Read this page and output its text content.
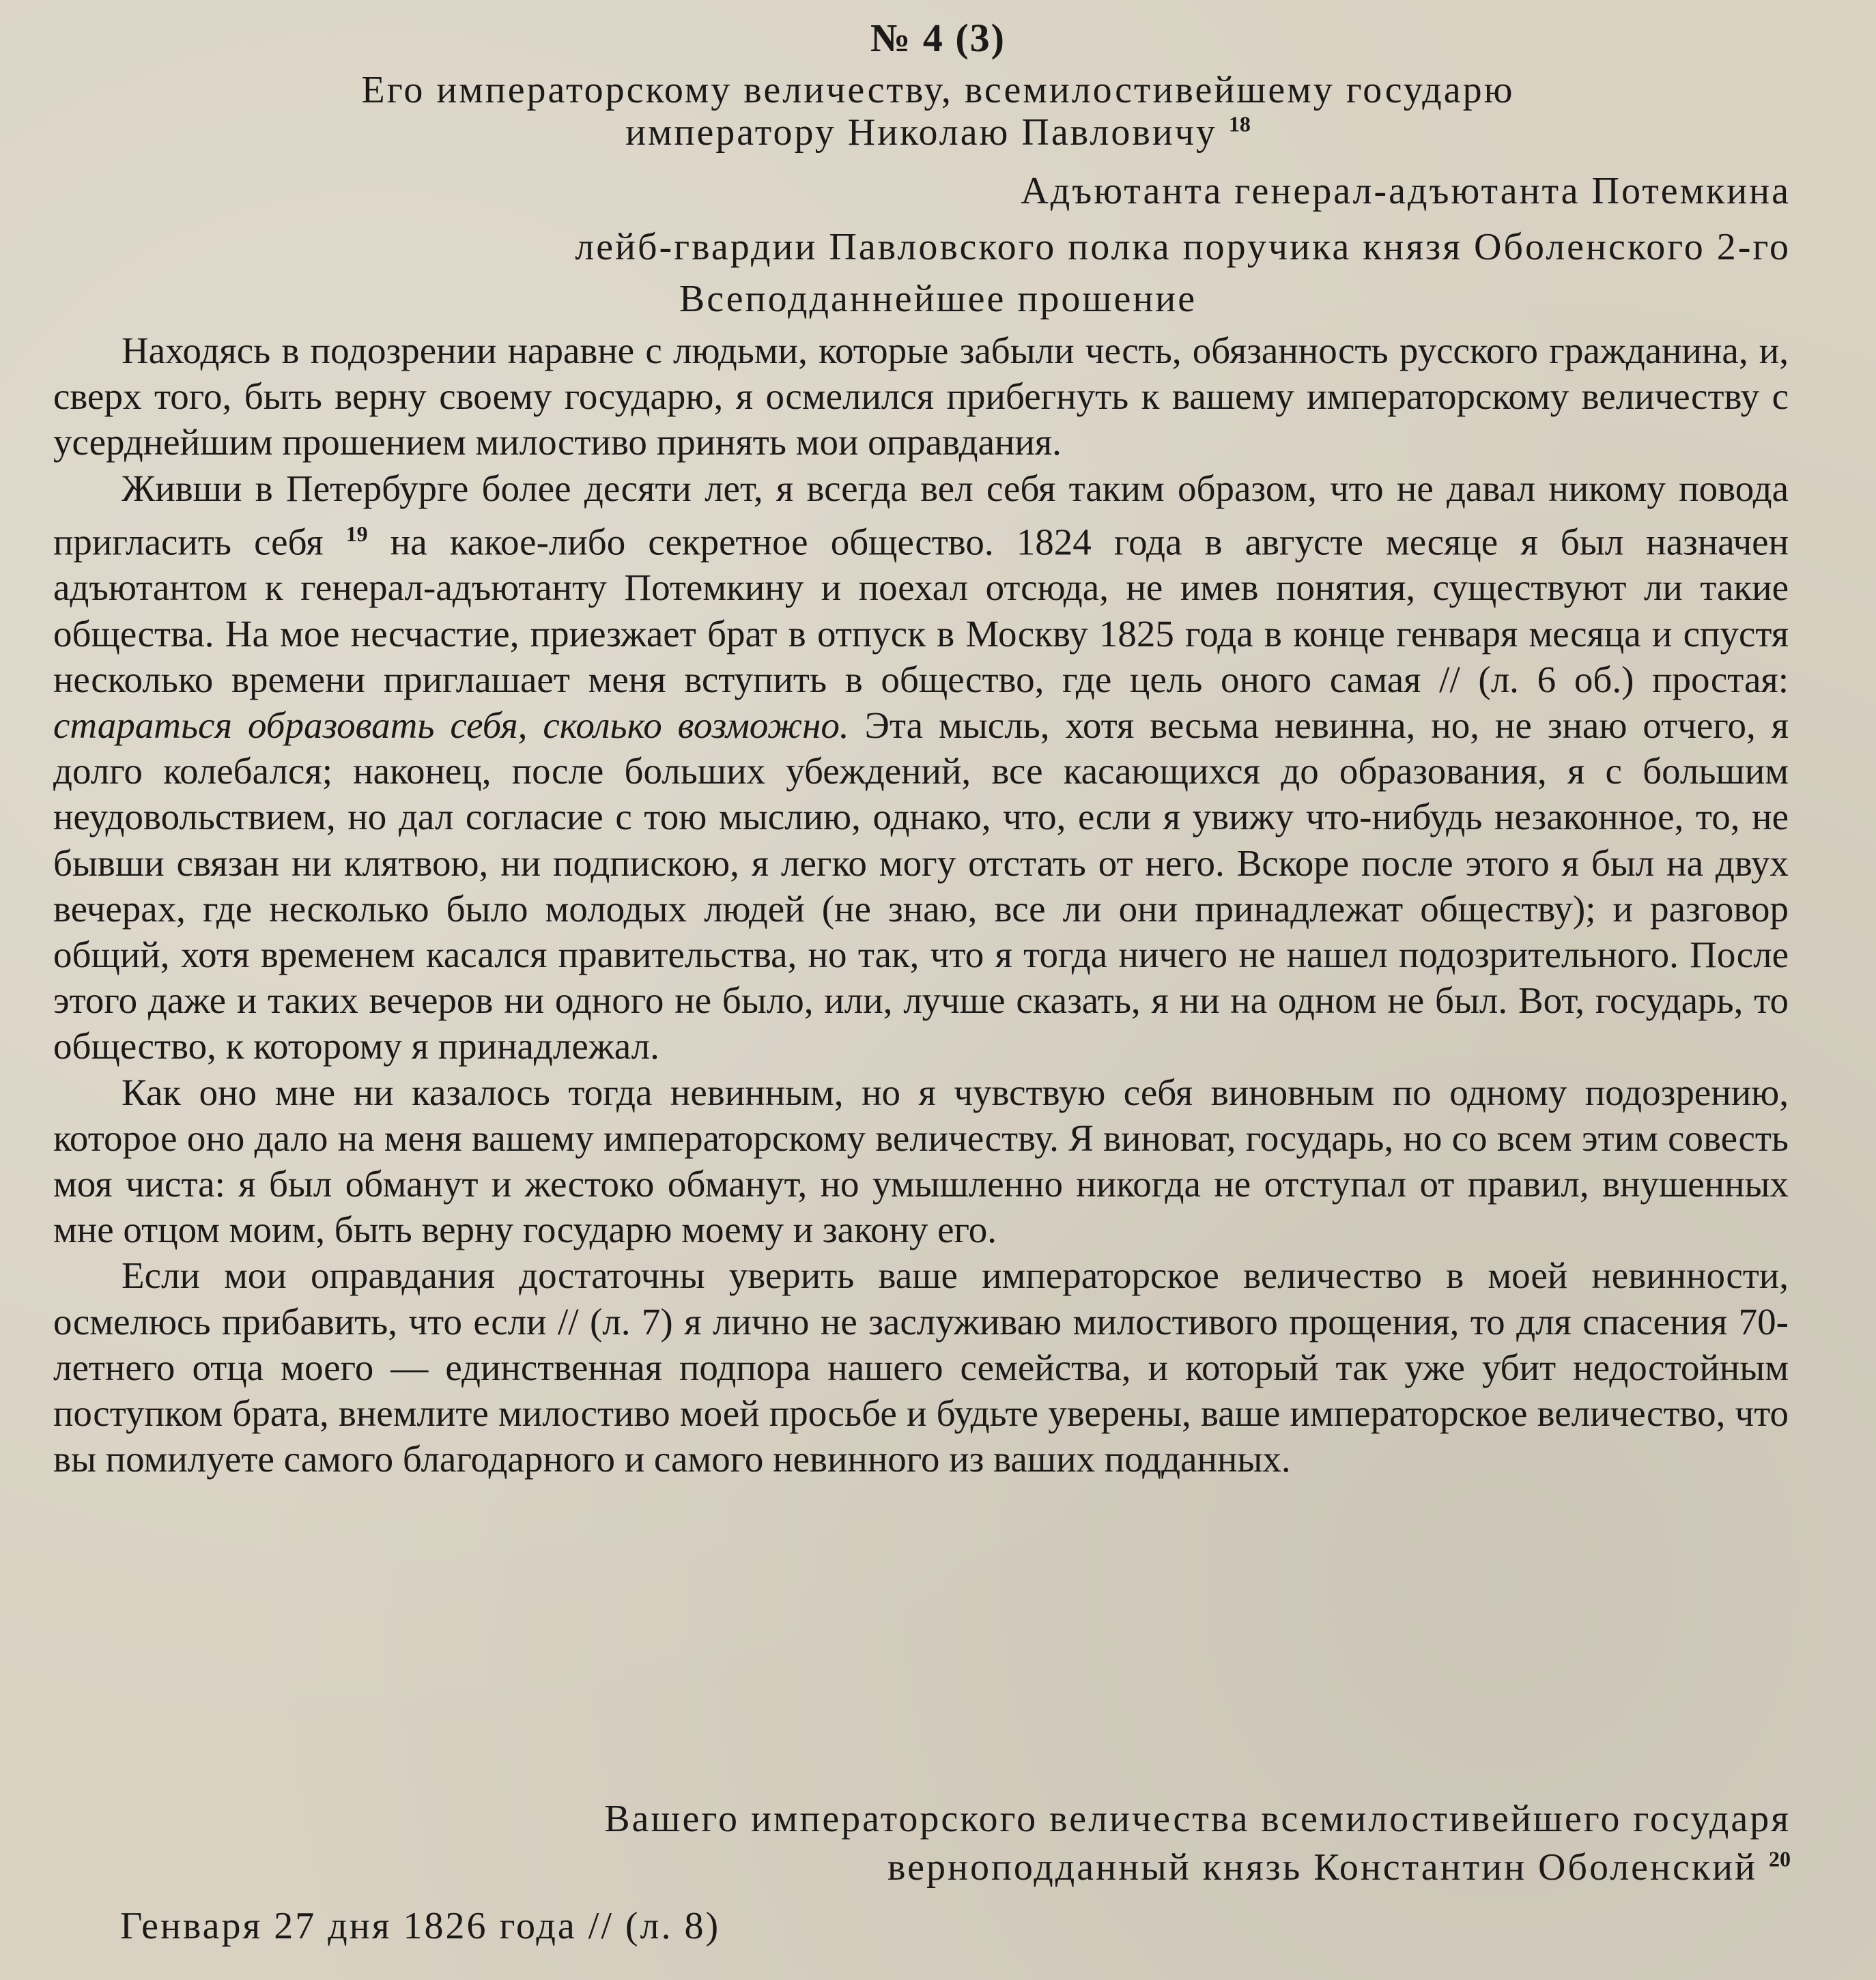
№ 4 (3)
Его императорскому величеству, всемилостивейшему государю
императору Николаю Павловичу $^{18}$
Адъютанта генерал-адъютанта Потемкина
лейб-гвардии Павловского полка поручика князя Оболенского 2-го
Всеподданнейшее прошение

Находясь в подозрении наравне с людьми, которые забыли честь, обязанность русского гражданина, и, сверх того, быть верну своему государю, я осмелился прибегнуть к вашему императорскому величеству с усерднейшим прошением милостиво принять мои оправдания.

Живши в Петербурге более десяти лет, я всегда вел себя таким образом, что не давал никому повода пригласить себя $^{19}$ на какое-либо секретное общество. 1824 года в августе месяце я был назначен адъютантом к генерал-адъютанту Потемкину и поехал отсюда, не имев понятия, существуют ли такие общества. На мое несчастие, приезжает брат в отпуск в Москву 1825 года в конце генваря месяца и спустя несколько времени приглашает меня вступить в общество, где цель оного самая // (л. 6 об.) простая: стараться образовать себя, сколько возможно. Эта мысль, хотя весьма невинна, но, не знаю отчего, я долго колебался; наконец, после больших убеждений, все касающихся до образования, я с большим неудовольствием, но дал согласие с тою мыслию, однако, что, если я увижу что-нибудь незаконное, то, не бывши связан ни клятвою, ни подпискою, я легко могу отстать от него. Вскоре после этого я был на двух вечерах, где несколько было молодых людей (не знаю, все ли они принадлежат обществу); и разговор общий, хотя временем касался правительства, но так, что я тогда ничего не нашел подозрительного. После этого даже и таких вечеров ни одного не было, или, лучше сказать, я ни на одном не был. Вот, государь, то общество, к которому я принадлежал.

Как оно мне ни казалось тогда невинным, но я чувствую себя виновным по одному подозрению, которое оно дало на меня вашему императорскому величеству. Я виноват, государь, но со всем этим совесть моя чиста: я был обманут и жестоко обманут, но умышленно никогда не отступал от правил, внушенных мне отцом моим, быть верну государю моему и закону его.

Если мои оправдания достаточны уверить ваше императорское величество в моей невинности, осмелюсь прибавить, что если // (л. 7) я лично не заслуживаю милостивого прощения, то для спасения 70-летнего отца моего — единственная подпора нашего семейства, и который так уже убит недостойным поступком брата, внемлите милостиво моей просьбе и будьте уверены, ваше императорское величество, что вы помилуете самого благодарного и самого невинного из ваших подданных.

Вашего императорского величества всемилостивейшего государя
верноподданный князь Константин Оболенский $^{20}$
Генваря 27 дня 1826 года // (л. 8)
